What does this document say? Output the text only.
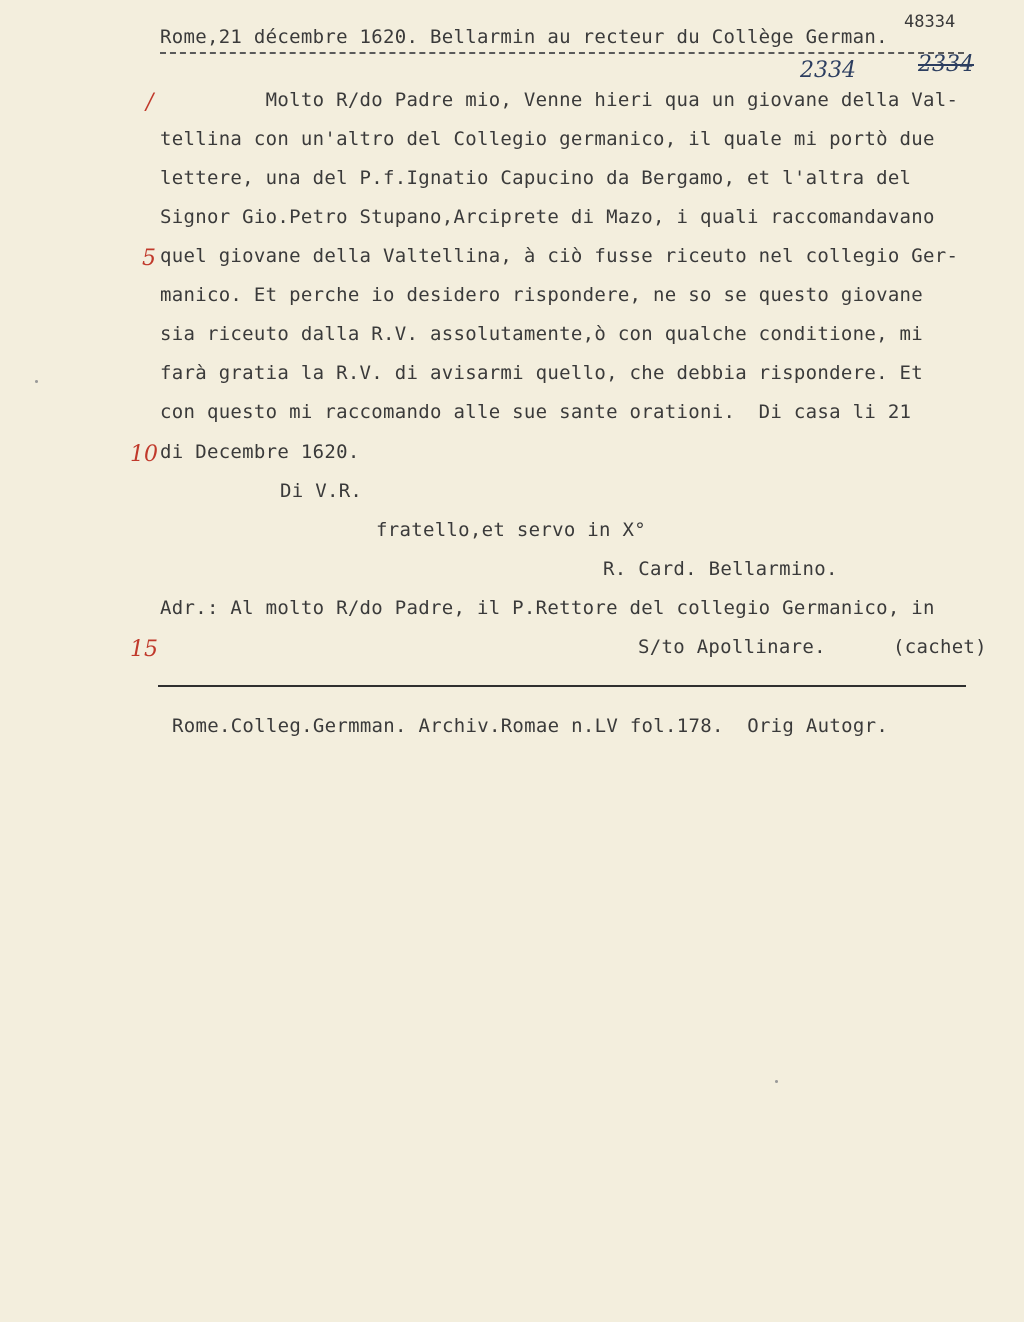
Rome,21 décembre 1620. Bellarmin au recteur du Collège German.
48334
2334	2334
/
5
10
15
Molto R/do Padre mio, Venne hieri qua un giovane della Val-
tellina con un'altro del Collegio germanico, il quale mi portò due
lettere, una del P.f.Ignatio Capucino da Bergamo, et l'altra del
Signor Gio.Petro Stupano,Arciprete di Mazo, i quali raccomandavano
quel giovane della Valtellina, à ciò fusse riceuto nel collegio Ger-
manico. Et perche io desidero rispondere, ne so se questo giovane
sia riceuto dalla R.V. assolutamente,ò con qualche conditione, mi
farà gratia la R.V. di avisarmi quello, che debbia rispondere. Et
con questo mi raccomando alle sue sante orationi.  Di casa li 21
di Decembre 1620.
Di V.R.
fratello,et servo in X°
R. Card. Bellarmino.
Adr.: Al molto R/do Padre, il P.Rettore del collegio Germanico, in
S/to Apollinare.	(cachet)
Rome.Colleg.Germman. Archiv.Romae n.LV fol.178.  Orig Autogr.
